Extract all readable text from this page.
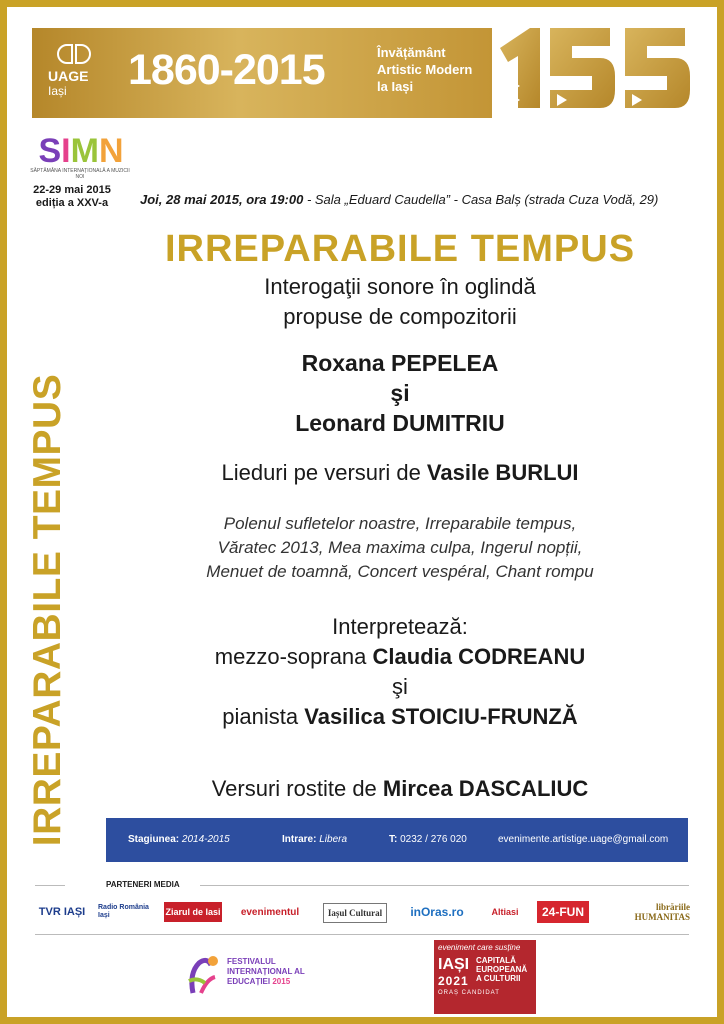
UAGE
Iași	1860-2015	Învățământ
Artistic Modern
la Iași
SIMN
SĂPTĂMÂNA INTERNAȚIONALĂ A MUZICII NOI
22-29 mai 2015
ediția a XXV-a	Joi, 28 mai 2015, ora 19:00 - Sala „Eduard Caudella” - Casa Balș (strada Cuza Vodă, 29)
IRREPARABILE TEMPUS
IRREPARABILE TEMPUS
Interogaţii sonore în oglindă
propuse de compozitorii
Roxana PEPELEA
şi
Leonard DUMITRIU
Lieduri pe versuri de Vasile BURLUI
Polenul sufletelor noastre, Irreparabile tempus,
Văratec 2013, Mea maxima culpa, Ingerul nopții,
Menuet de toamnă, Concert vespéral, Chant rompu
Interpretează:
mezzo-soprana Claudia CODREANU
şi
pianista Vasilica STOICIU-FRUNZĂ
Versuri rostite de Mircea DASCALIUC
Stagiunea: 2014-2015	Intrare: Libera	T: 0232 / 276 020	evenimente.artistige.uage@gmail.com
PARTENERI MEDIA
TVR IAȘI	Radio România Iași	Ziarul de Iasi	evenimentul	Iașul Cultural	inOras.ro	Altiasi	24-FUN	librăriile HUMANITAS
FESTIVALUL
INTERNAȚIONAL AL
EDUCAȚIEI 2015
eveniment care susține
IAȘI
2021
CAPITALĂ
EUROPEANĂ
A CULTURII
ORAȘ CANDIDAT
